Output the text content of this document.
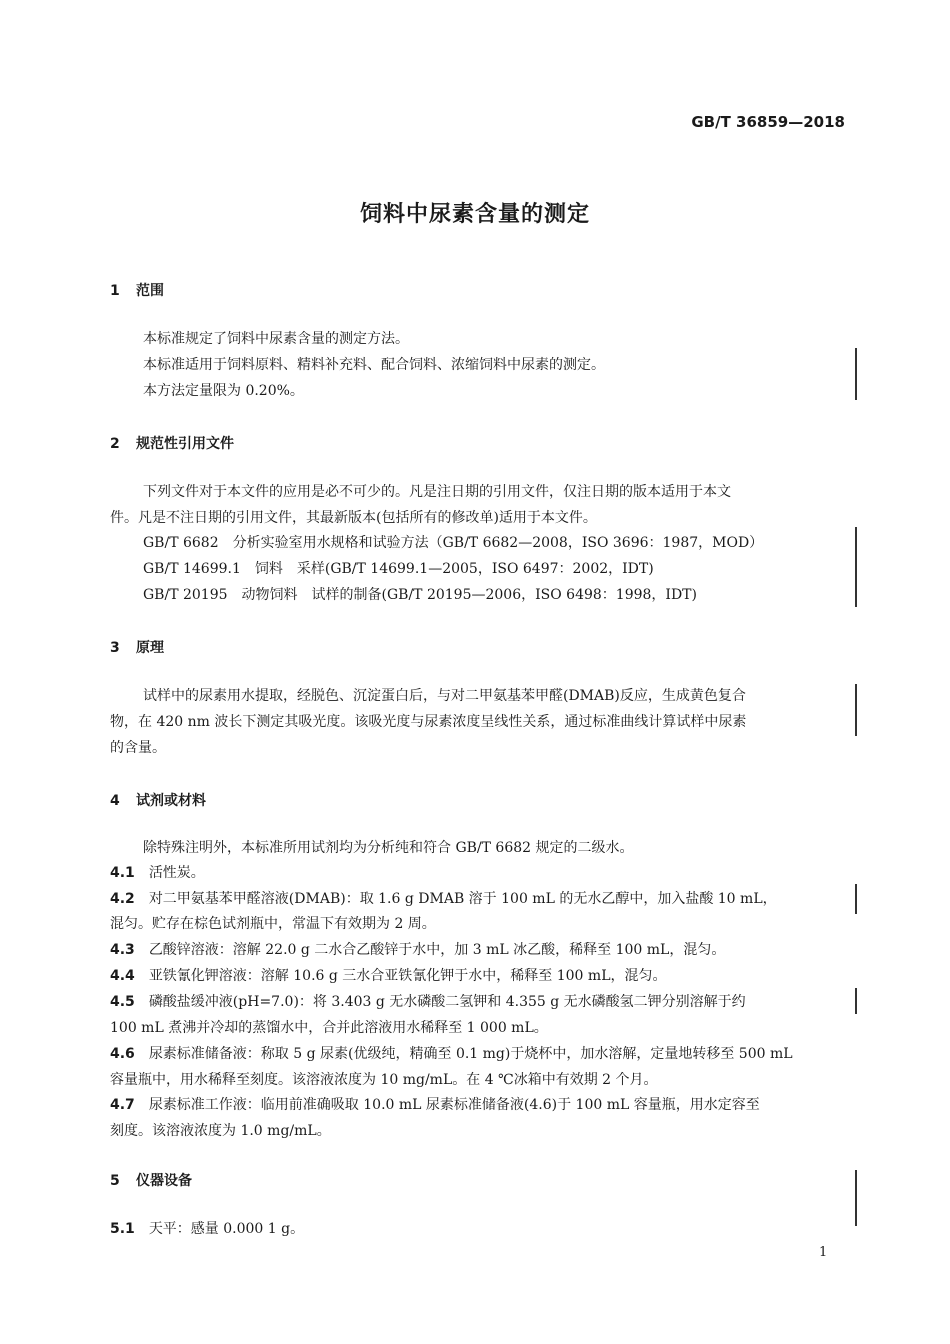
GB/T 36859—2018
饲料中尿素含量的测定
1 范围
本标准规定了饲料中尿素含量的测定方法。
本标准适用于饲料原料、精料补充料、配合饲料、浓缩饲料中尿素的测定。
本方法定量限为 0.20%。
2 规范性引用文件
下列文件对于本文件的应用是必不可少的。凡是注日期的引用文件，仅注日期的版本适用于本文
件。凡是不注日期的引用文件，其最新版本(包括所有的修改单)适用于本文件。
GB/T 6682　分析实验室用水规格和试验方法（GB/T 6682—2008，ISO 3696：1987，MOD）
GB/T 14699.1　饲料　采样(GB/T 14699.1—2005，ISO 6497：2002，IDT)
GB/T 20195　动物饲料　试样的制备(GB/T 20195—2006，ISO 6498：1998，IDT)
3 原理
试样中的尿素用水提取，经脱色、沉淀蛋白后，与对二甲氨基苯甲醛(DMAB)反应，生成黄色复合
物，在 420 nm 波长下测定其吸光度。该吸光度与尿素浓度呈线性关系，通过标准曲线计算试样中尿素
的含量。
4 试剂或材料
除特殊注明外，本标准所用试剂均为分析纯和符合 GB/T 6682 规定的二级水。
4.1　 活性炭。
4.2　 对二甲氨基苯甲醛溶液(DMAB)：取 1.6 g DMAB 溶于 100 mL 的无水乙醇中，加入盐酸 10 mL，
混匀。贮存在棕色试剂瓶中，常温下有效期为 2 周。
4.3　 乙酸锌溶液：溶解 22.0 g 二水合乙酸锌于水中，加 3 mL 冰乙酸，稀释至 100 mL，混匀。
4.4　 亚铁氰化钾溶液：溶解 10.6 g 三水合亚铁氰化钾于水中，稀释至 100 mL，混匀。
4.5　 磷酸盐缓冲液(pH=7.0)：将 3.403 g 无水磷酸二氢钾和 4.355 g 无水磷酸氢二钾分别溶解于约
100 mL 煮沸并冷却的蒸馏水中，合并此溶液用水稀释至 1 000 mL。
4.6　 尿素标准储备液：称取 5 g 尿素(优级纯，精确至 0.1 mg)于烧杯中，加水溶解，定量地转移至 500 mL
容量瓶中，用水稀释至刻度。该溶液浓度为 10 mg/mL。在 4 ℃冰箱中有效期 2 个月。
4.7　 尿素标准工作液：临用前准确吸取 10.0 mL 尿素标准储备液(4.6)于 100 mL 容量瓶，用水定容至
刻度。该溶液浓度为 1.0 mg/mL。
5 仪器设备
5.1　 天平：感量 0.000 1 g。
1
